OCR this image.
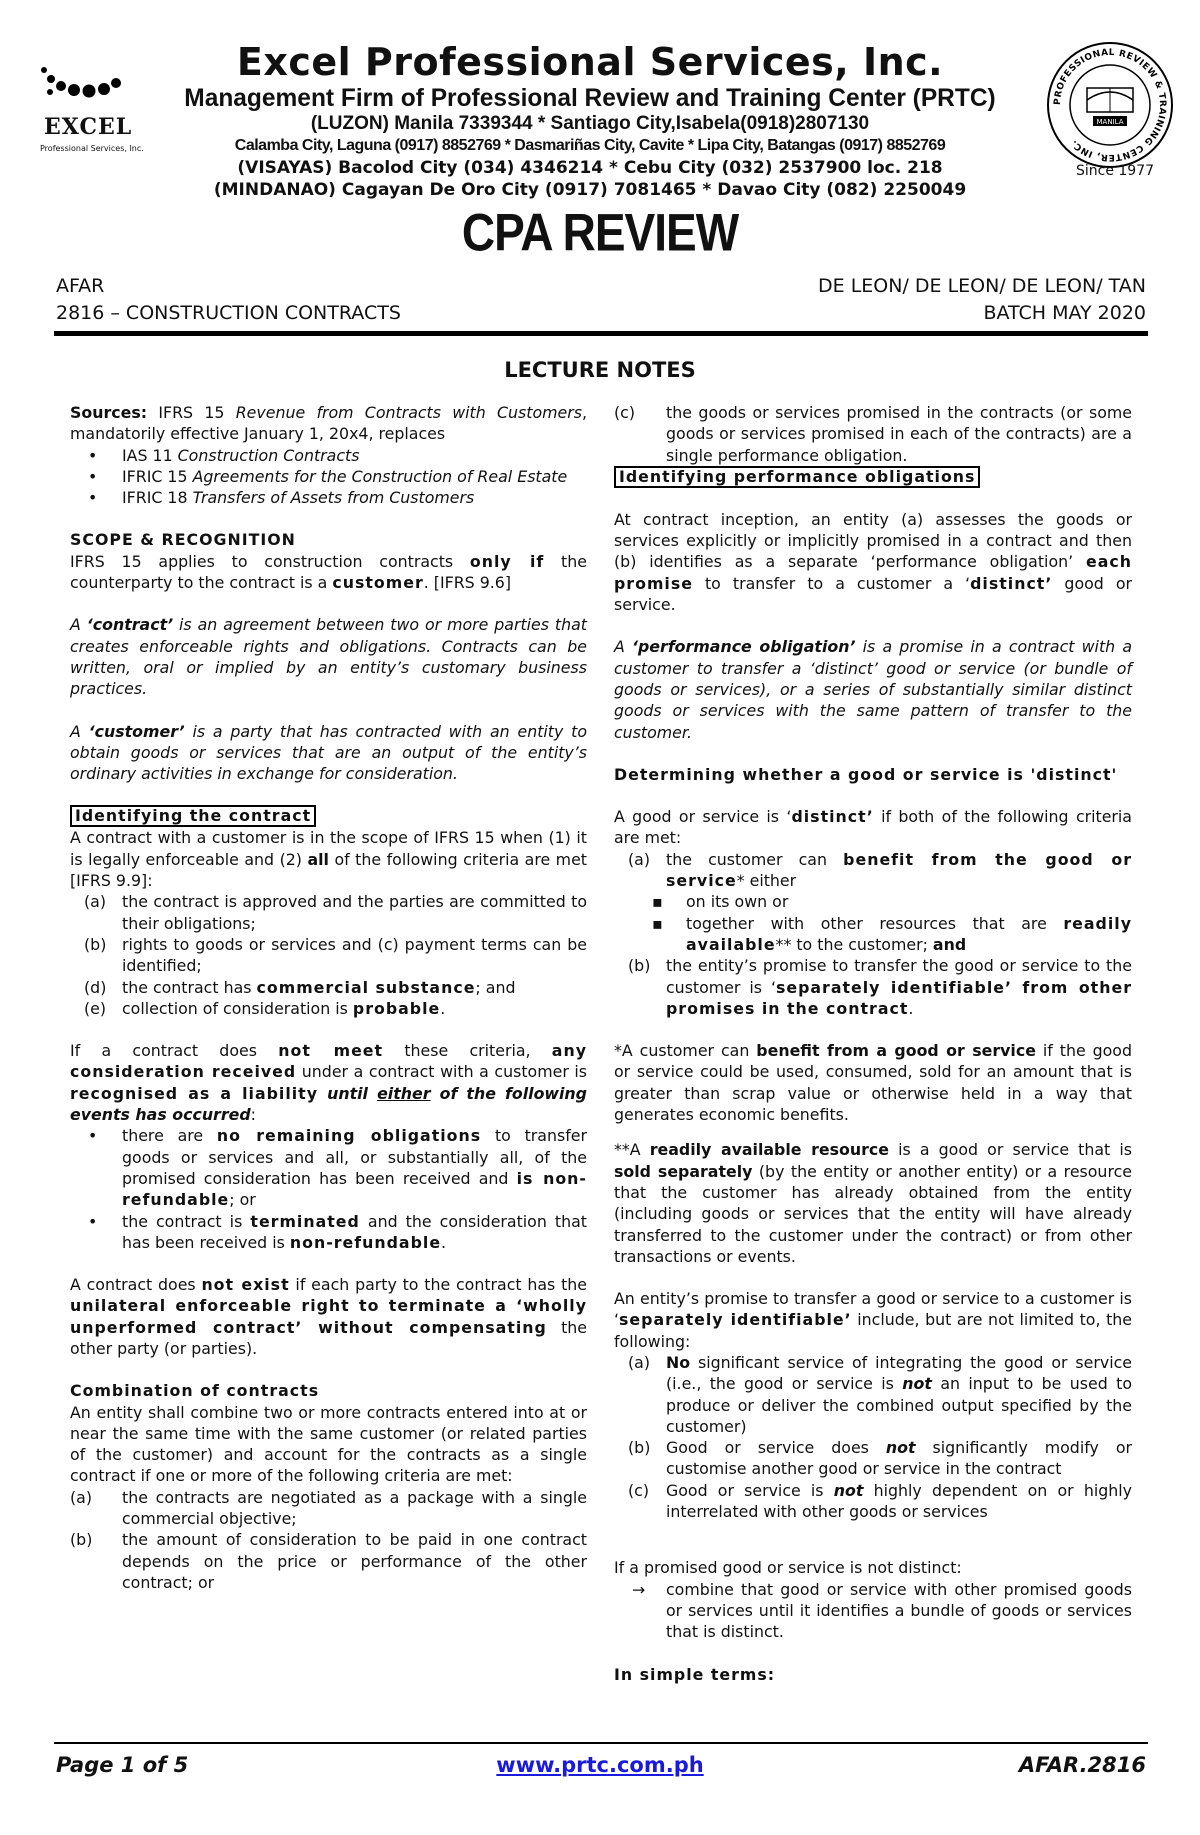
EXCEL
Professional Services, Inc.
Excel Professional Services, Inc.
Management Firm of Professional Review and Training Center (PRTC)
(LUZON) Manila 7339344 * Santiago City,Isabela(0918)2807130
Calamba City, Laguna (0917) 8852769 * Dasmariñas City, Cavite * Lipa City, Batangas (0917) 8852769
(VISAYAS) Bacolod City (034) 4346214 * Cebu City (032) 2537900 loc. 218
(MINDANAO) Cagayan De Oro City (0917) 7081465 * Davao City (082) 2250049
PROFESSIONAL REVIEW & TRAINING CENTER, INC.
MANILA
Since 1977
CPA REVIEW
AFAR
2816 – CONSTRUCTION CONTRACTS
DE LEON/ DE LEON/ DE LEON/ TAN
BATCH MAY 2020
LECTURE NOTES

Sources: IFRS 15 Revenue from Contracts with Customers, mandatorily effective January 1, 20x4, replaces

• IAS 11 Construction Contracts
• IFRIC 15 Agreements for the Construction of Real Estate
• IFRIC 18 Transfers of Assets from Customers

SCOPE & RECOGNITION

IFRS 15 applies to construction contracts only if the counterparty to the contract is a customer. [IFRS 9.6]

A ‘contract’ is an agreement between two or more parties that creates enforceable rights and obligations. Contracts can be written, oral or implied by an entity’s customary business practices.

A ‘customer’ is a party that has contracted with an entity to obtain goods or services that are an output of the entity’s ordinary activities in exchange for consideration.

Identifying the contract

A contract with a customer is in the scope of IFRS 15 when (1) it is legally enforceable and (2) all of the following criteria are met [IFRS 9.9]:

(a) the contract is approved and the parties are committed to their obligations;
(b) rights to goods or services and (c) payment terms can be identified;
(d) the contract has commercial substance; and
(e) collection of consideration is probable.

If a contract does not meet these criteria, any consideration received under a contract with a customer is recognised as a liability until either of the following events has occurred:

• there are no remaining obligations to transfer goods or services and all, or substantially all, of the promised consideration has been received and is non-refundable; or
• the contract is terminated and the consideration that has been received is non-refundable.

A contract does not exist if each party to the contract has the unilateral enforceable right to terminate a ‘wholly unperformed contract’ without compensating the other party (or parties).

Combination of contracts

An entity shall combine two or more contracts entered into at or near the same time with the same customer (or related parties of the customer) and account for the contracts as a single contract if one or more of the following criteria are met:

(a) the contracts are negotiated as a package with a single commercial objective;
(b) the amount of consideration to be paid in one contract depends on the price or performance of the other contract; or
(c) the goods or services promised in the contracts (or some goods or services promised in each of the contracts) are a single performance obligation.

Identifying performance obligations

At contract inception, an entity (a) assesses the goods or services explicitly or implicitly promised in a contract and then (b) identifies as a separate ‘performance obligation’ each promise to transfer to a customer a ‘distinct’ good or service.

A ‘performance obligation’ is a promise in a contract with a customer to transfer a ‘distinct’ good or service (or bundle of goods or services), or a series of substantially similar distinct goods or services with the same pattern of transfer to the customer.

Determining whether a good or service is 'distinct'

A good or service is ‘distinct’ if both of the following criteria are met:

(a) the customer can benefit from the good or service* either
▪ on its own or
▪ together with other resources that are readily available** to the customer; and
(b) the entity’s promise to transfer the good or service to the customer is ‘separately identifiable’ from other promises in the contract.

*A customer can benefit from a good or service if the good or service could be used, consumed, sold for an amount that is greater than scrap value or otherwise held in a way that generates economic benefits.

**A readily available resource is a good or service that is sold separately (by the entity or another entity) or a resource that the customer has already obtained from the entity (including goods or services that the entity will have already transferred to the customer under the contract) or from other transactions or events.

An entity’s promise to transfer a good or service to a customer is ‘separately identifiable’ include, but are not limited to, the following:

(a) No significant service of integrating the good or service (i.e., the good or service is not an input to be used to produce or deliver the combined output specified by the customer)
(b) Good or service does not significantly modify or customise another good or service in the contract
(c) Good or service is not highly dependent on or highly interrelated with other goods or services

If a promised good or service is not distinct:

→ combine that good or service with other promised goods or services until it identifies a bundle of goods or services that is distinct.

In simple terms:

Page 1 of 5	www.prtc.com.ph	AFAR.2816
